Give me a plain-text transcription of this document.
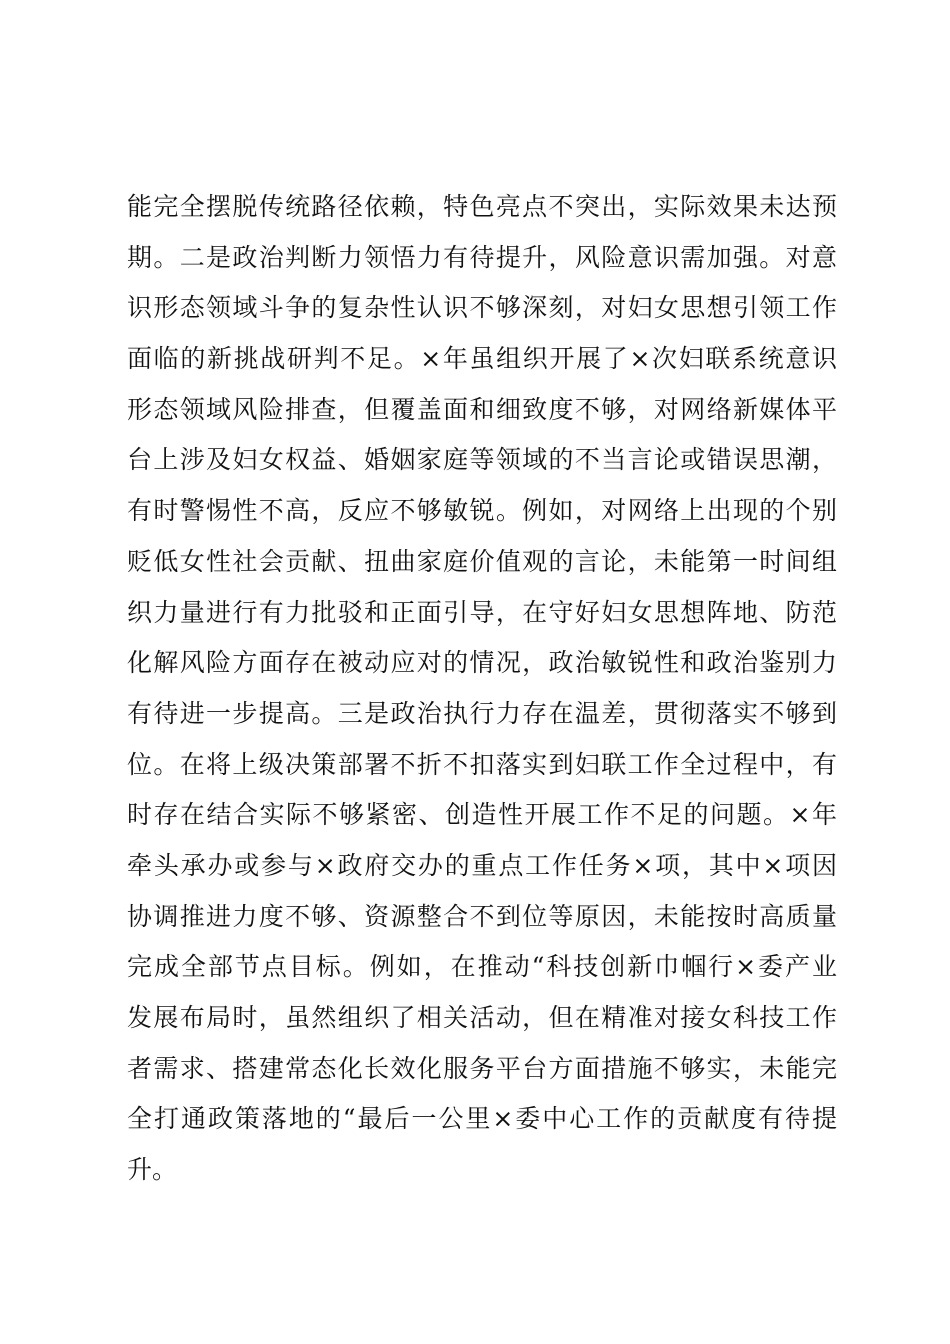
能完全摆脱传统路径依赖，特色亮点不突出，实际效果未达预
期。二是政治判断力领悟力有待提升，风险意识需加强。对意
识形态领域斗争的复杂性认识不够深刻，对妇女思想引领工作
面临的新挑战研判不足。×年虽组织开展了×次妇联系统意识
形态领域风险排查，但覆盖面和细致度不够，对网络新媒体平
台上涉及妇女权益、婚姻家庭等领域的不当言论或错误思潮，
有时警惕性不高，反应不够敏锐。例如，对网络上出现的个别
贬低女性社会贡献、扭曲家庭价值观的言论，未能第一时间组
织力量进行有力批驳和正面引导，在守好妇女思想阵地、防范
化解风险方面存在被动应对的情况，政治敏锐性和政治鉴别力
有待进一步提高。三是政治执行力存在温差，贯彻落实不够到
位。在将上级决策部署不折不扣落实到妇联工作全过程中，有
时存在结合实际不够紧密、创造性开展工作不足的问题。×年
牵头承办或参与×政府交办的重点工作任务×项，其中×项因
协调推进力度不够、资源整合不到位等原因，未能按时高质量
完成全部节点目标。例如，在推动“科技创新巾帼行×委产业
发展布局时，虽然组织了相关活动，但在精准对接女科技工作
者需求、搭建常态化长效化服务平台方面措施不够实，未能完
全打通政策落地的“最后一公里×委中心工作的贡献度有待提
升。
